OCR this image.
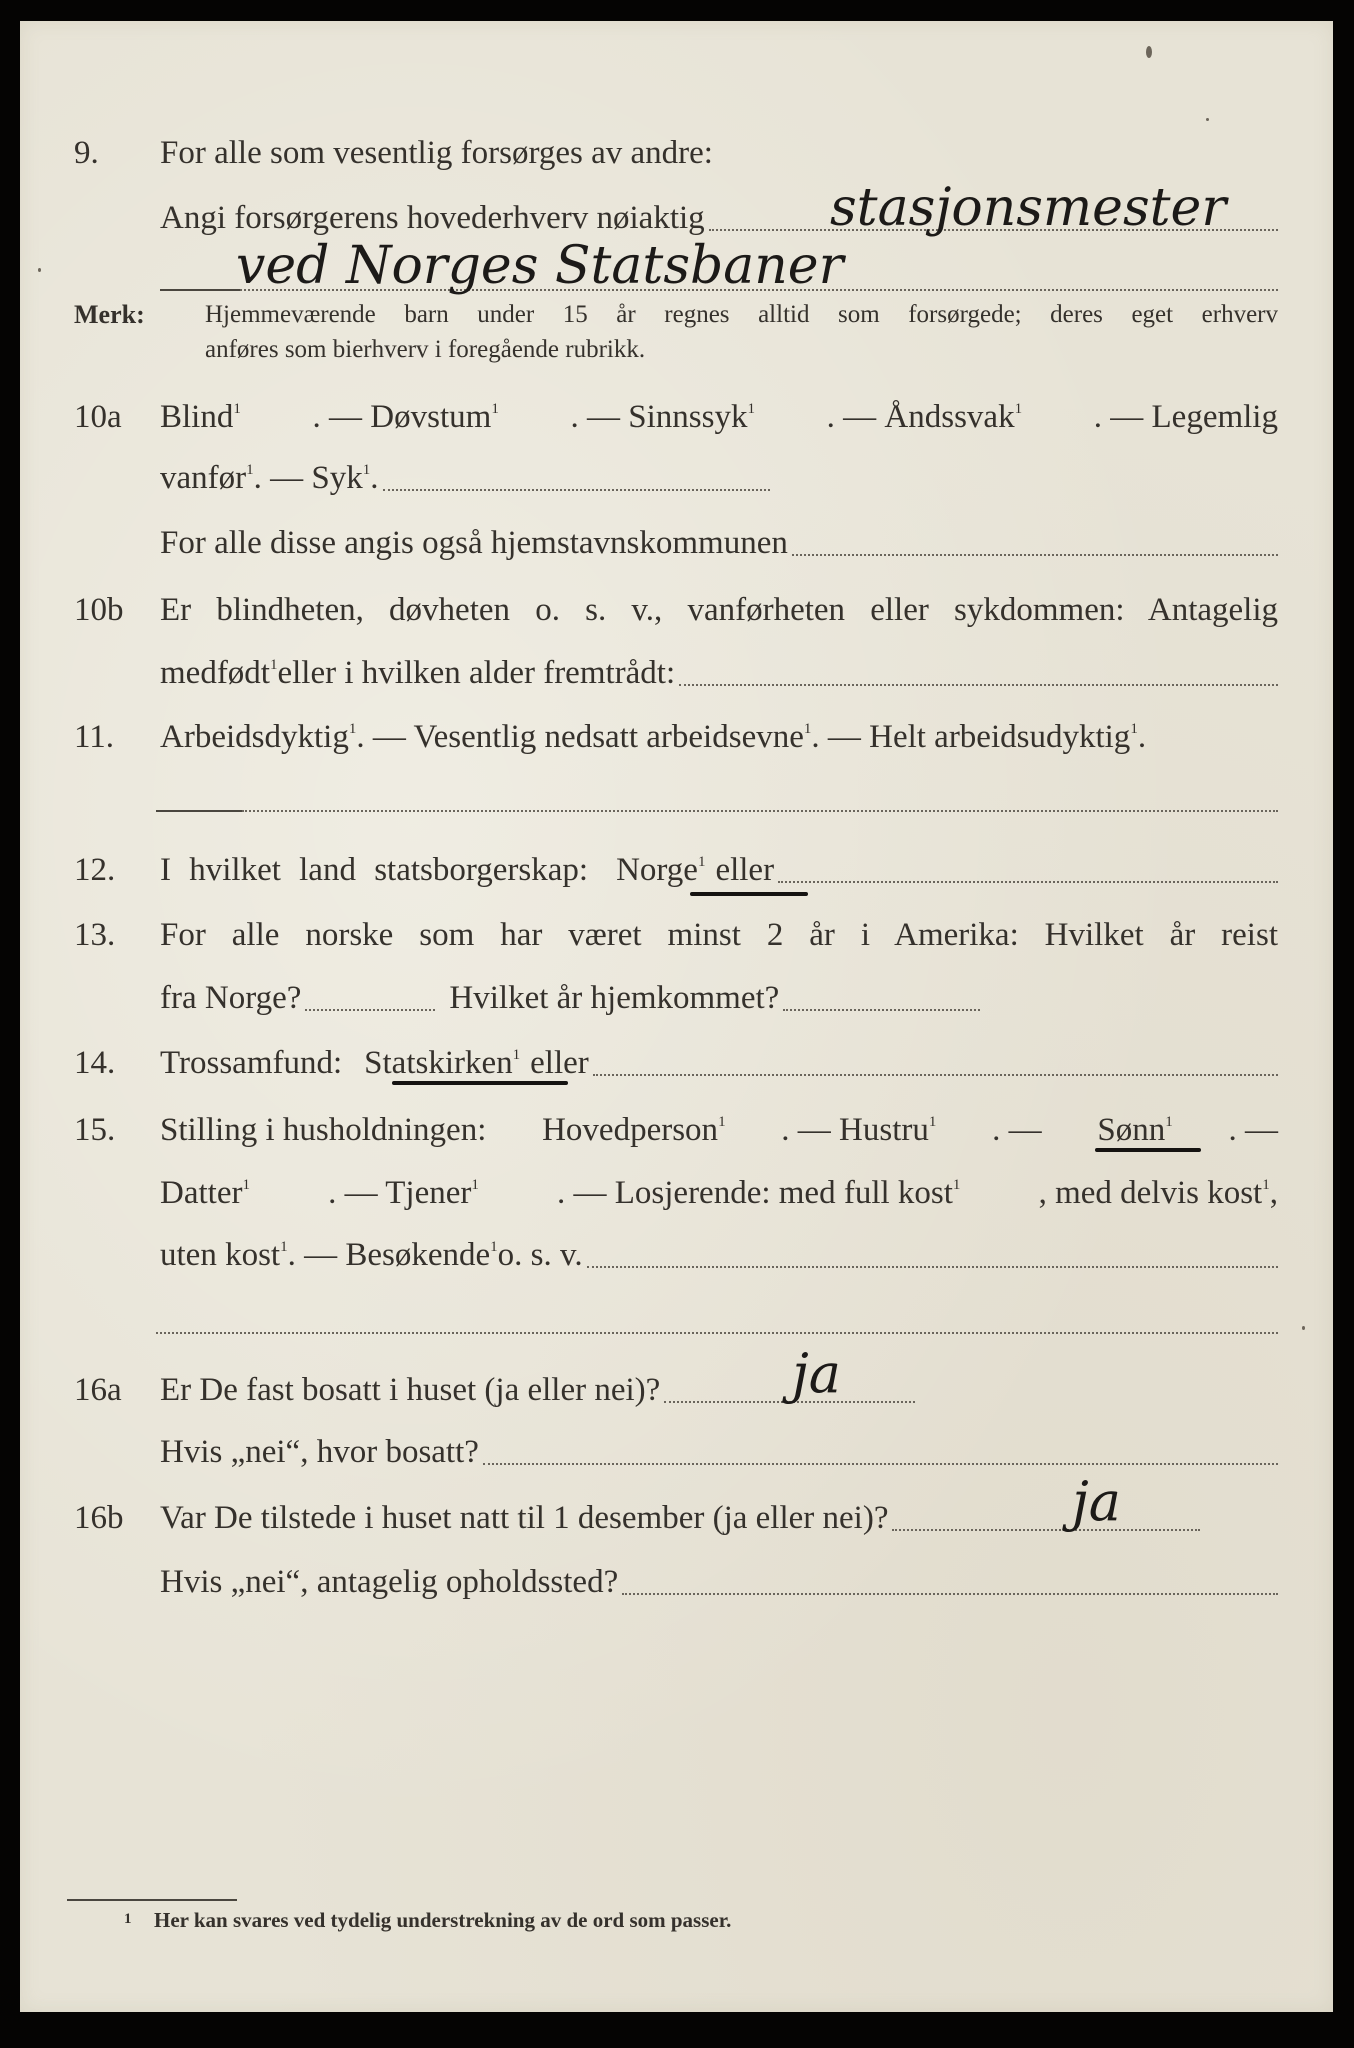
9. For alle som vesentlig forsørges av andre:
Angi forsørgerens hovederhverv nøiaktig stasjonsmester
ved Norges Statsbaner
Merk: Hjemmeværende barn under 15 år regnes alltid som forsørgede; deres eget erhverv
anføres som bierhverv i foregående rubrikk.
10a Blind$^1$ . — Døvstum$^1$ . — Sinnssyk$^1$ . — Åndssvak$^1$ . — Legemlig
vanfør$^1$ . — Syk$^1$ .
For alle disse angis også hjemstavnskommunen
10b Er blindheten, døvheten o. s. v., vanførheten eller sykdommen: Antagelig
medfødt$^1$ eller i hvilken alder fremtrådt:
11. Arbeidsdyktig$^1$ . — Vesentlig nedsatt arbeidsevne$^1$ . — Helt arbeidsudyktig$^1$ .
12. I hvilket land statsborgerskap: Norge$^1$ eller
13. For alle norske som har været minst 2 år i Amerika: Hvilket år reist
fra Norge?	Hvilket år hjemkommet?
14. Trossamfund: Statskirken$^1$ eller
15. Stilling i husholdningen: Hovedperson$^1$ . — Hustru$^1$ . — Sønn$^1$ . —
Datter$^1$ . — Tjener$^1$ . — Losjerende: med full kost$^1$ , med delvis kost$^1$,
uten kost$^1$ . — Besøkende$^1$ o. s. v.
16a Er De fast bosatt i huset (ja eller nei)? ja
Hvis „nei“, hvor bosatt?
16b Var De tilstede i huset natt til 1 desember (ja eller nei)?	ja
Hvis „nei“, antagelig opholdssted?
1 Her kan svares ved tydelig understrekning av de ord som passer.
